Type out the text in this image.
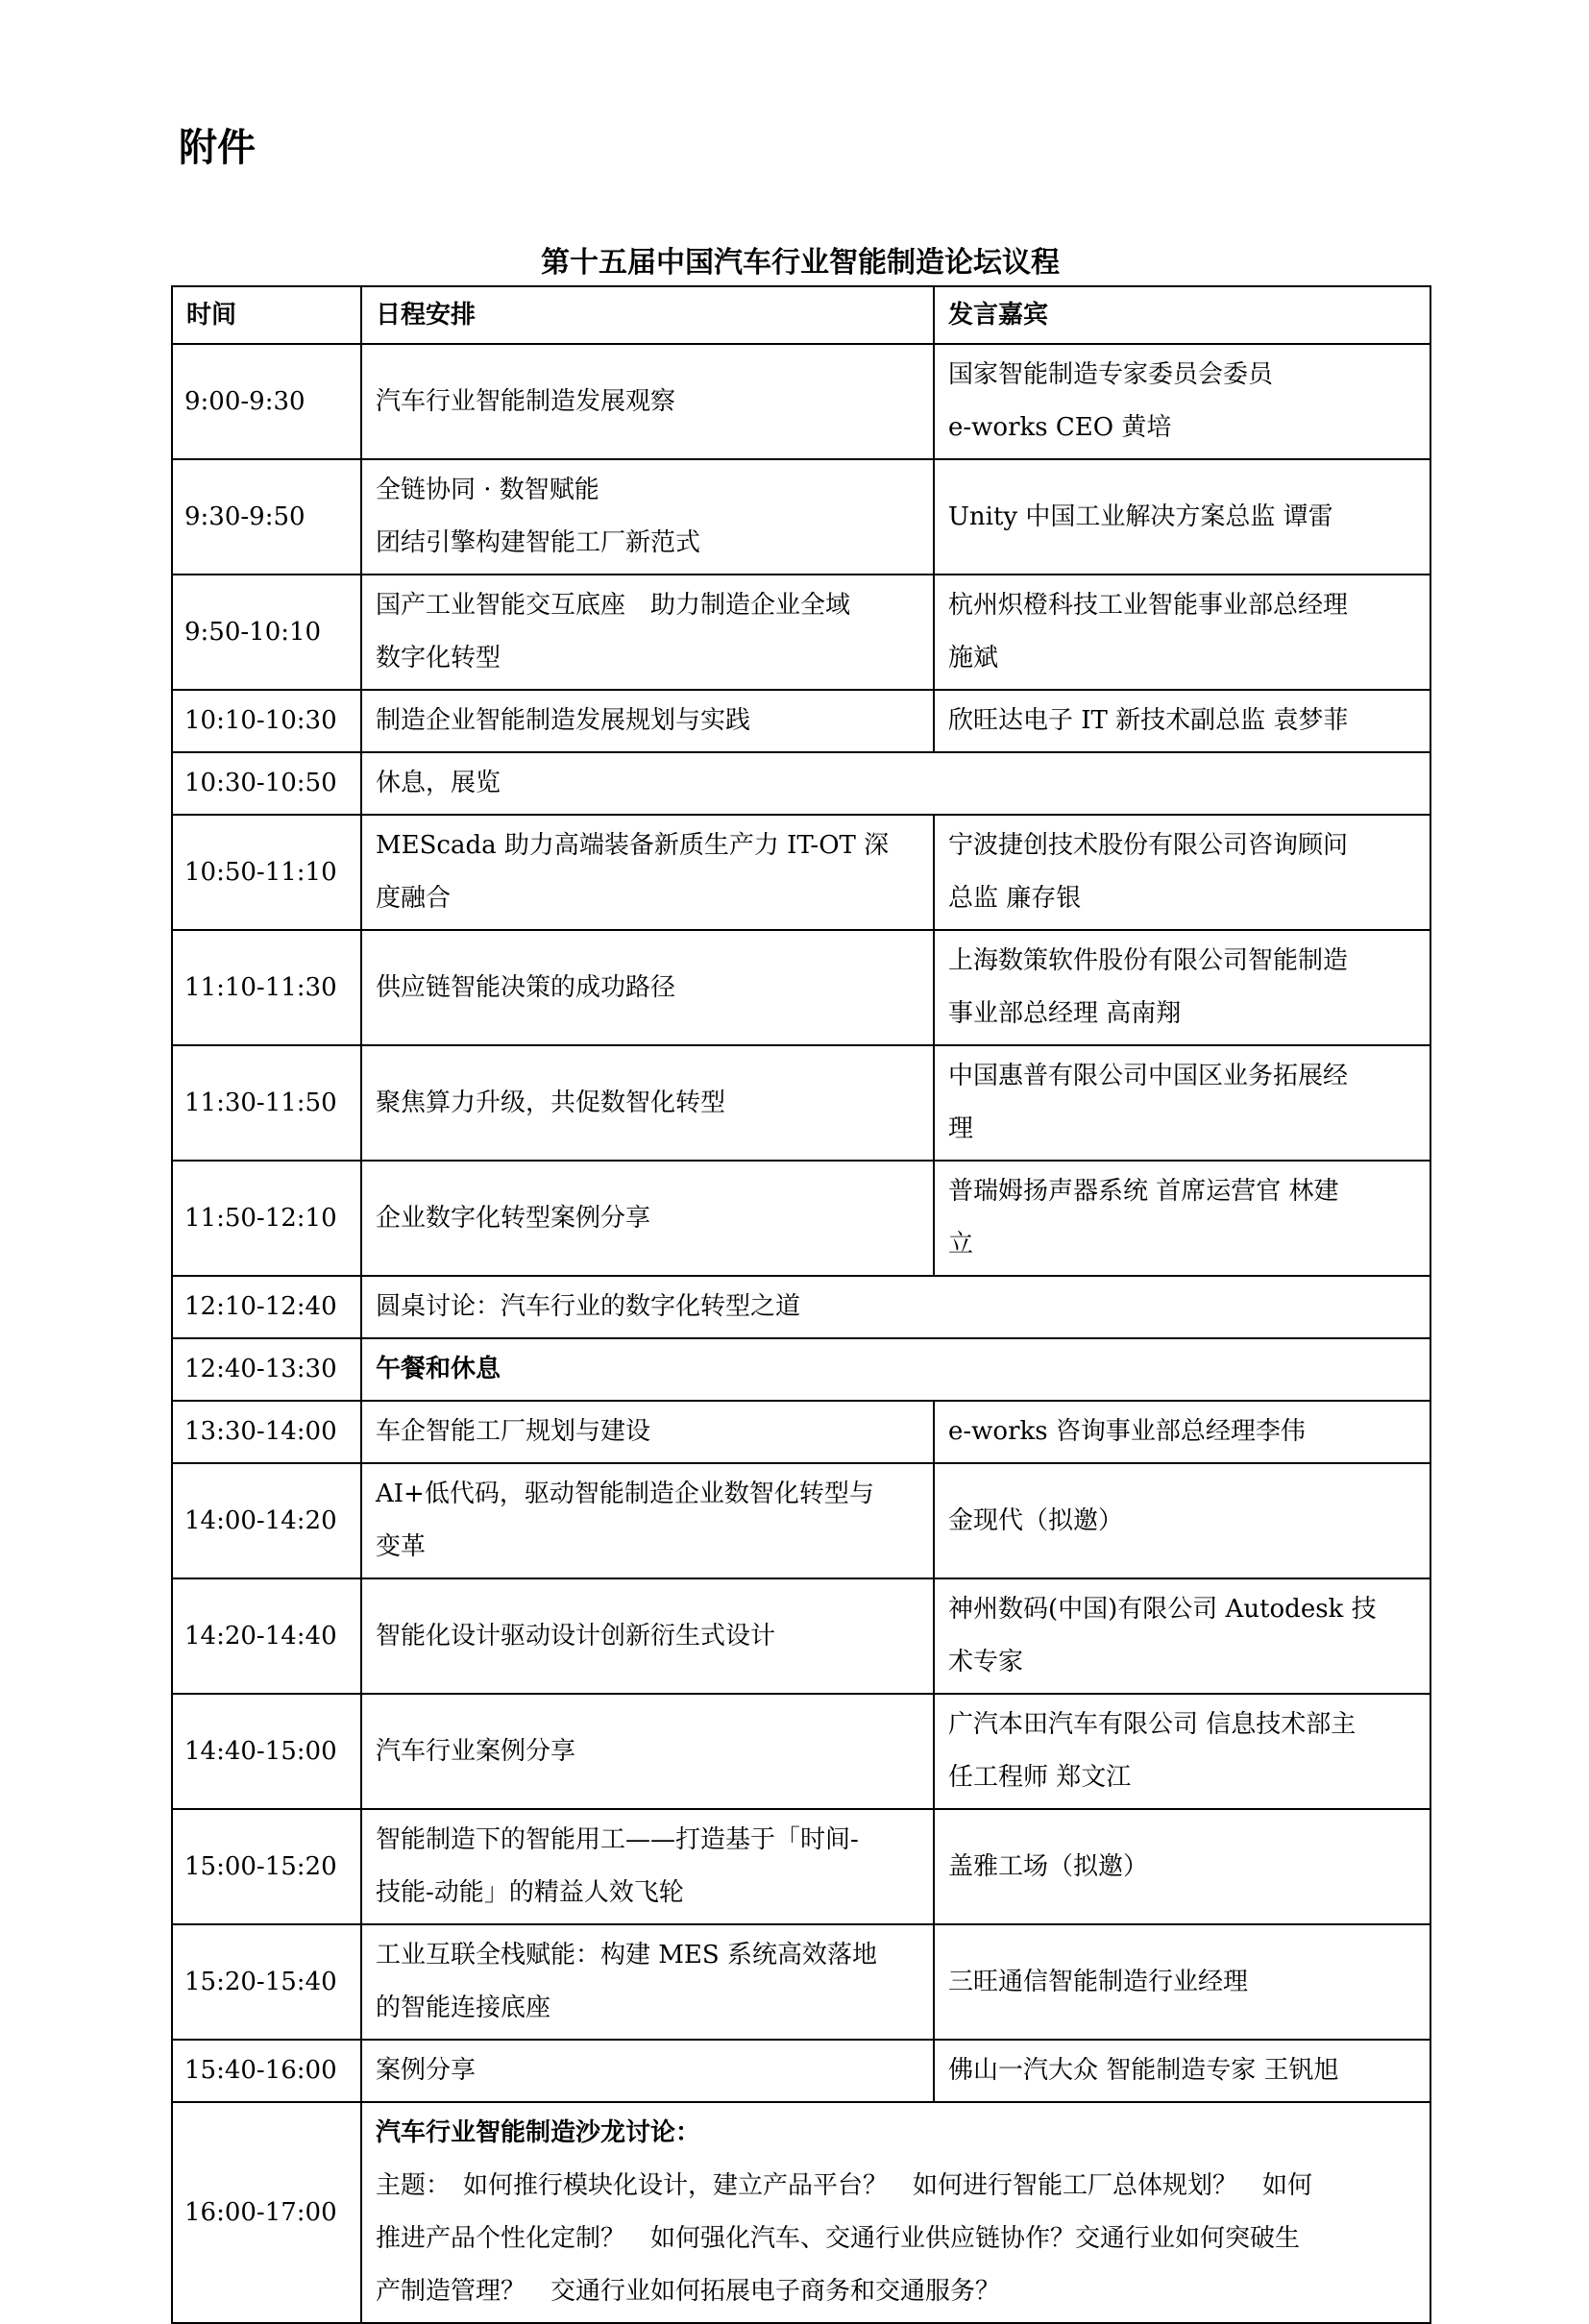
附件
第十五届中国汽车行业智能制造论坛议程
时间	日程安排	发言嘉宾
9:00-9:30	汽车行业智能制造发展观察	国家智能制造专家委员会委员
e-works CEO 黄培

9:30-9:50	全链协同 · 数智赋能
团结引擎构建智能工厂新范式	Unity 中国工业解决方案总监 谭雷

9:50-10:10	国产工业智能交互底座　助力制造企业全域
数字化转型	杭州炽橙科技工业智能事业部总经理
施斌

10:10-10:30	制造企业智能制造发展规划与实践	欣旺达电子 IT 新技术副总监 袁梦菲

10:30-10:50	休息，展览	

10:50-11:10	MEScada 助力高端装备新质生产力 IT-OT 深
度融合	宁波捷创技术股份有限公司咨询顾问
总监 廉存银

11:10-11:30	供应链智能决策的成功路径	上海数策软件股份有限公司智能制造
事业部总经理 高南翔

11:30-11:50	聚焦算力升级，共促数智化转型	中国惠普有限公司中国区业务拓展经
理

11:50-12:10	企业数字化转型案例分享	普瑞姆扬声器系统 首席运营官 林建
立

12:10-12:40	圆桌讨论：汽车行业的数字化转型之道	

12:40-13:30	午餐和休息	

13:30-14:00	车企智能工厂规划与建设	e-works 咨询事业部总经理李伟

14:00-14:20	AI+低代码，驱动智能制造企业数智化转型与
变革	金现代（拟邀）

14:20-14:40	智能化设计驱动设计创新衍生式设计	神州数码(中国)有限公司 Autodesk 技
术专家

14:40-15:00	汽车行业案例分享	广汽本田汽车有限公司 信息技术部主
任工程师 郑文江

15:00-15:20	智能制造下的智能用工——打造基于「时间-
技能-动能」的精益人效飞轮	盖雅工场（拟邀）

15:20-15:40	工业互联全栈赋能：构建 MES 系统高效落地
的智能连接底座	三旺通信智能制造行业经理

15:40-16:00	案例分享	佛山一汽大众 智能制造专家 王钒旭

16:00-17:00	汽车行业智能制造沙龙讨论：
主题：　如何推行模块化设计，建立产品平台？　如何进行智能工厂总体规划？　如何
推进产品个性化定制？　如何强化汽车、交通行业供应链协作？交通行业如何突破生
产制造管理？　交通行业如何拓展电子商务和交通服务？	
